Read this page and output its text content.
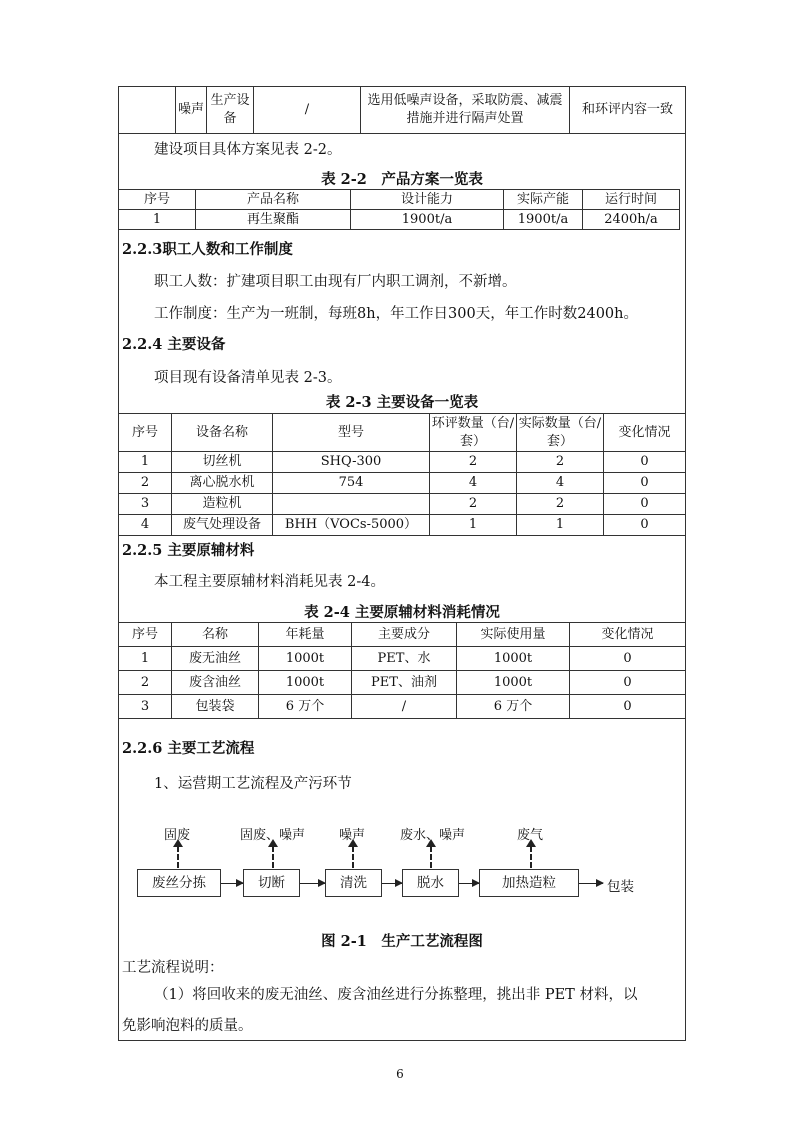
	噪声	生产设备	/	选用低噪声设备，采取防震、减震措施并进行隔声处置	和环评内容一致
建设项目具体方案见表 2-2。
表 2-2　产品方案一览表
序号	产品名称	设计能力	实际产能	运行时间
1	再生聚酯	1900t/a	1900t/a	2400h/a
2.2.3职工人数和工作制度
职工人数：扩建项目职工由现有厂内职工调剂，不新增。
工作制度：生产为一班制，每班8h，年工作日300天，年工作时数2400h。
2.2.4 主要设备
项目现有设备清单见表 2-3。
表 2-3 主要设备一览表
序号	设备名称	型号	环评数量（台/套）	实际数量（台/套）	变化情况
1	切丝机	SHQ-300	2	2	0
2	离心脱水机	754	4	4	0
3	造粒机		2	2	0
4	废气处理设备	BHH（VOCs-5000）	1	1	0
2.2.5 主要原辅材料
本工程主要原辅材料消耗见表 2-4。
表 2-4 主要原辅材料消耗情况
序号	名称	年耗量	主要成分	实际使用量	变化情况
1	废无油丝	1000t	PET、水	1000t	0
2	废含油丝	1000t	PET、油剂	1000t	0
3	包装袋	6 万个	/	6 万个	0
2.2.6 主要工艺流程
1、运营期工艺流程及产污环节
固废	固废、噪声	噪声	废水、噪声	废气
废丝分拣	切断	清洗	脱水	加热造粒	包装
图 2-1　生产工艺流程图
工艺流程说明：
（1）将回收来的废无油丝、废含油丝进行分拣整理，挑出非 PET 材料，以
免影响泡料的质量。
6
